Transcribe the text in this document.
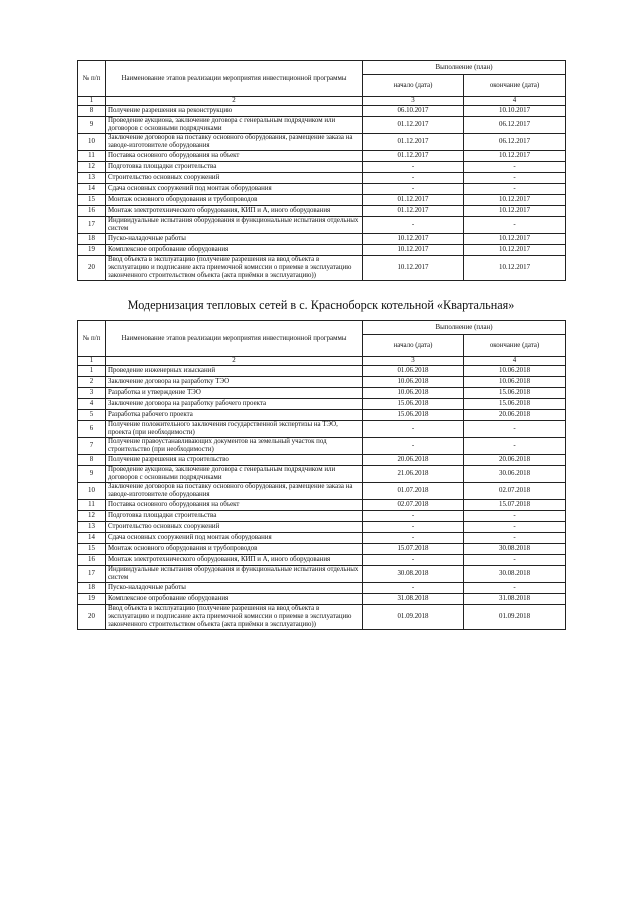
№ п/п	Наименование этапов реализации мероприятия инвестиционной программы	Выполнение (план)	
		начало (дата)	окончание (дата)
1	2	3	4
8	Получение разрешения на реконструкцию	06.10.2017	10.10.2017
9	Проведение аукциона, заключение договора с генеральным подрядчиком или договоров с основными подрядчиками	01.12.2017	06.12.2017
10	Заключение договоров на поставку основного оборудования, размещение заказа на заводе-изготовителе оборудования	01.12.2017	06.12.2017
11	Поставка основного оборудования на объект	01.12.2017	10.12.2017
12	Подготовка площадки строительства	-	-
13	Строительство основных сооружений	-	-
14	Сдача основных сооружений под монтаж оборудования	-	-
15	Монтаж основного оборудования и трубопроводов	01.12.2017	10.12.2017
16	Монтаж электротехнического оборудования, КИП и А, иного оборудования	01.12.2017	10.12.2017
17	Индивидуальные испытания оборудования и функциональные испытания отдельных систем	-	-
18	Пуско-наладочные работы	10.12.2017	10.12.2017
19	Комплексное опробование оборудования	10.12.2017	10.12.2017
20	Ввод объекта в эксплуатацию (получение разрешения на ввод объекта в эксплуатацию и подписание акта приемочной комиссии о приемке в эксплуатацию законченного строительством объекта (акта приёмки в эксплуатацию))	10.12.2017	10.12.2017
Модернизация тепловых сетей в с. Красноборск котельной «Квартальная»
№ п/п	Наименование этапов реализации мероприятия инвестиционной программы	Выполнение (план)	
		начало (дата)	окончание (дата)
1	2	3	4
1	Проведение инженерных изысканий	01.06.2018	10.06.2018
2	Заключение договора на разработку ТЭО	10.06.2018	10.06.2018
3	Разработка и утверждение ТЭО	10.06.2018	15.06.2018
4	Заключение договора на разработку рабочего проекта	15.06.2018	15.06.2018
5	Разработка рабочего проекта	15.06.2018	20.06.2018
6	Получение положительного заключения государственной экспертизы на ТЭО, проекта (при необходимости)	-	-
7	Получение правоустанавливающих документов на земельный участок под строительство (при необходимости)	-	-
8	Получение разрешения на строительство	20.06.2018	20.06.2018
9	Проведение аукциона, заключение договора с генеральным подрядчиком или договоров с основными подрядчиками	21.06.2018	30.06.2018
10	Заключение договоров на поставку основного оборудования, размещение заказа на заводе-изготовителе оборудования	01.07.2018	02.07.2018
11	Поставка основного оборудования на объект	02.07.2018	15.07.2018
12	Подготовка площадки строительства	-	-
13	Строительство основных сооружений	-	-
14	Сдача основных сооружений под монтаж оборудования	-	-
15	Монтаж основного оборудования и трубопроводов	15.07.2018	30.08.2018
16	Монтаж электротехнического оборудования, КИП и А, иного оборудования	-	-
17	Индивидуальные испытания оборудования и функциональные испытания отдельных систем	30.08.2018	30.08.2018
18	Пуско-наладочные работы	-	-
19	Комплексное опробование оборудования	31.08.2018	31.08.2018
20	Ввод объекта в эксплуатацию (получение разрешения на ввод объекта в эксплуатацию и подписание акта приемочной комиссии о приемке в эксплуатацию законченного строительством объекта (акта приёмки в эксплуатацию))	01.09.2018	01.09.2018
